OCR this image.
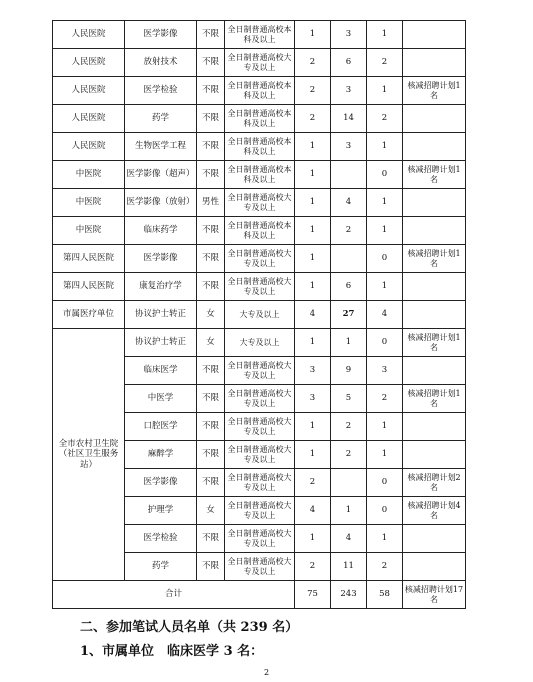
人民医院	医学影像	不限	全日制普通高校本科及以上	1	3	1	
人民医院	放射技术	不限	全日制普通高校大专及以上	2	6	2	
人民医院	医学检验	不限	全日制普通高校本科及以上	2	3	1	核减招聘计划1名
人民医院	药学	不限	全日制普通高校本科及以上	2	14	2	
人民医院	生物医学工程	不限	全日制普通高校本科及以上	1	3	1	
中医院	医学影像（超声）	不限	全日制普通高校本科及以上	1		0	核减招聘计划1名
中医院	医学影像（放射）	男性	全日制普通高校大专及以上	1	4	1	
中医院	临床药学	不限	全日制普通高校本科及以上	1	2	1	
第四人民医院	医学影像	不限	全日制普通高校大专及以上	1		0	核减招聘计划1名
第四人民医院	康复治疗学	不限	全日制普通高校大专及以上	1	6	1	
市属医疗单位	协议护士转正	女	大专及以上	4	27	4	
全市农村卫生院（社区卫生服务站）	协议护士转正	女	大专及以上	1	1	0	核减招聘计划1名
	临床医学	不限	全日制普通高校大专及以上	3	9	3	
	中医学	不限	全日制普通高校大专及以上	3	5	2	核减招聘计划1名
	口腔医学	不限	全日制普通高校大专及以上	1	2	1	
	麻醉学	不限	全日制普通高校大专及以上	1	2	1	
	医学影像	不限	全日制普通高校大专及以上	2		0	核减招聘计划2名
	护理学	女	全日制普通高校大专及以上	4	1	0	核减招聘计划4名
	医学检验	不限	全日制普通高校大专及以上	1	4	1	
	药学	不限	全日制普通高校大专及以上	2	11	2	
合计				75	243	58	核减招聘计划17名
二、参加笔试人员名单（共 239 名）
1、市属单位　临床医学 3 名：
2
